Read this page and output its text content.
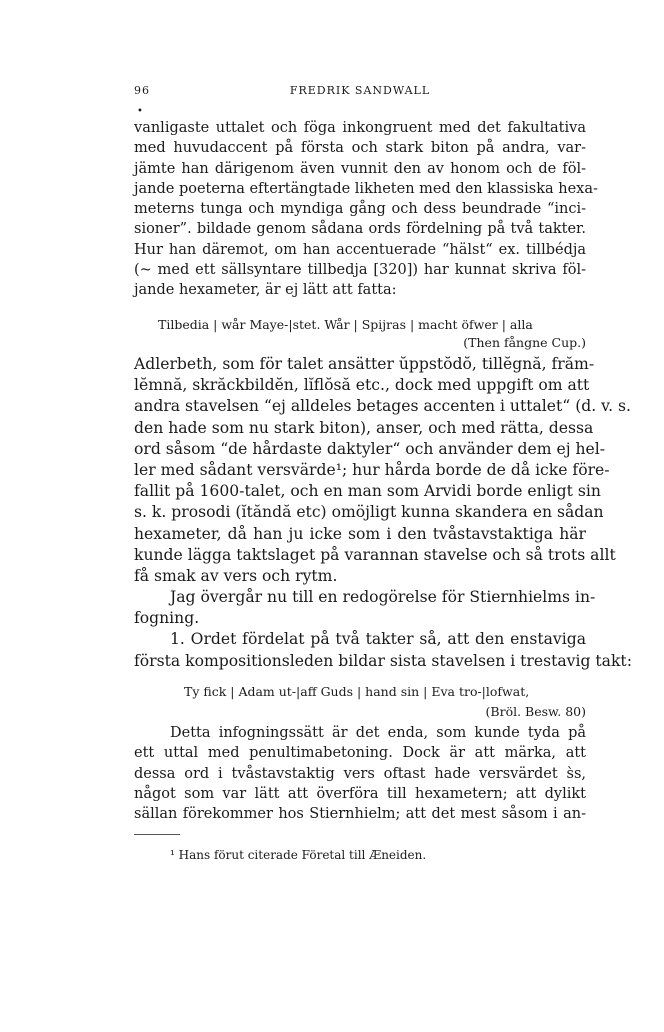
96	FREDRIK SANDWALL
•
vanligaste uttalet och föga inkongruent med det fakultativa
med huvudaccent på första och stark biton på andra, var-
jämte han därigenom även vunnit den av honom och de föl-
jande poeterna eftertängtade likheten med den klassiska hexa-
meterns tunga och myndiga gång och dess beundrade “inci-
sioner”. bildade genom sådana ords fördelning på två takter.
Hur han däremot, om han accentuerade “hälst“ ex. tillbédja
(~ med ett sällsyntare tillbedja [320]) har kunnat skriva föl-
jande hexameter, är ej lätt att fatta:
Tilbedia | wår Maye-|stet. Wår | Spijras | macht öfwer | alla
(Then fångne Cup.)
Adlerbeth, som för talet ansätter ŭppstŏdŏ, tillĕgnă, frăm-
lĕmnă, skrăckbildĕn, lĭflŏsă etc., dock med uppgift om att
andra stavelsen “ej alldeles betages accenten i uttalet“ (d. v. s.
den hade som nu stark biton), anser, och med rätta, dessa
ord såsom “de hårdaste daktyler“ och använder dem ej hel-
ler med sådant versvärde¹; hur hårda borde de då icke före-
fallit på 1600-talet, och en man som Arvidi borde enligt sin
s. k. prosodi (ĭtăndă etc) omöjligt kunna skandera en sådan
hexameter, då han ju icke som i den tvåstavstaktiga här
kunde lägga taktslaget på varannan stavelse och så trots allt
få smak av vers och rytm.
Jag övergår nu till en redogörelse för Stiernhielms in-
fogning.
1. Ordet fördelat på två takter så, att den enstaviga
första kompositionsleden bildar sista stavelsen i trestavig takt:
Ty fick | Adam ut-|aff Guds | hand sin | Eva tro-|lofwat,
(Bröl. Besw. 80)
Detta infogningssätt är det enda, som kunde tyda på
ett uttal med penultimabetoning. Dock är att märka, att
dessa ord i tvåstavstaktig vers oftast hade versvärdet s̀s,
något som var lätt att överföra till hexametern; att dylikt
sällan förekommer hos Stiernhielm; att det mest såsom i an-
¹ Hans förut citerade Företal till Æneiden.
